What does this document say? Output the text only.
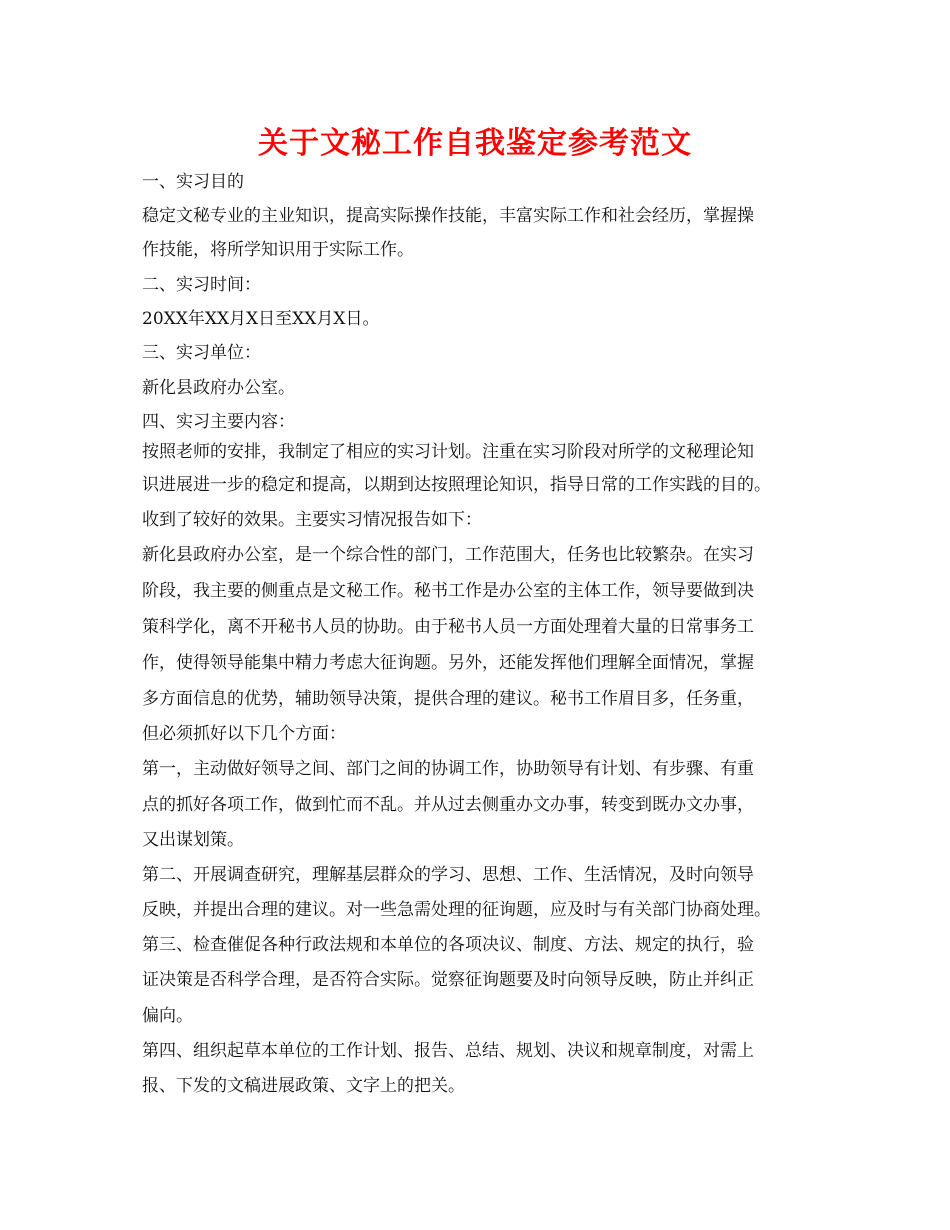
关于文秘工作自我鉴定参考范文
一、实习目的
稳定文秘专业的主业知识，提高实际操作技能，丰富实际工作和社会经历，掌握操
作技能，将所学知识用于实际工作。
二、实习时间：
20XX年XX月X日至XX月X日。
三、实习单位：
新化县政府办公室。
四、实习主要内容：
按照老师的安排，我制定了相应的实习计划。注重在实习阶段对所学的文秘理论知
识进展进一步的稳定和提高，以期到达按照理论知识，指导日常的工作实践的目的。
收到了较好的效果。主要实习情况报告如下：
新化县政府办公室，是一个综合性的部门，工作范围大，任务也比较繁杂。在实习
阶段，我主要的侧重点是文秘工作。秘书工作是办公室的主体工作，领导要做到决
策科学化，离不开秘书人员的协助。由于秘书人员一方面处理着大量的日常事务工
作，使得领导能集中精力考虑大征询题。另外，还能发挥他们理解全面情况，掌握
多方面信息的优势，辅助领导决策，提供合理的建议。秘书工作眉目多，任务重，
但必须抓好以下几个方面：
第一，主动做好领导之间、部门之间的协调工作，协助领导有计划、有步骤、有重
点的抓好各项工作，做到忙而不乱。并从过去侧重办文办事，转变到既办文办事，
又出谋划策。
第二、开展调查研究，理解基层群众的学习、思想、工作、生活情况，及时向领导
反映，并提出合理的建议。对一些急需处理的征询题，应及时与有关部门协商处理。
第三、检查催促各种行政法规和本单位的各项决议、制度、方法、规定的执行，验
证决策是否科学合理，是否符合实际。觉察征询题要及时向领导反映，防止并纠正
偏向。
第四、组织起草本单位的工作计划、报告、总结、规划、决议和规章制度，对需上
报、下发的文稿进展政策、文字上的把关。
